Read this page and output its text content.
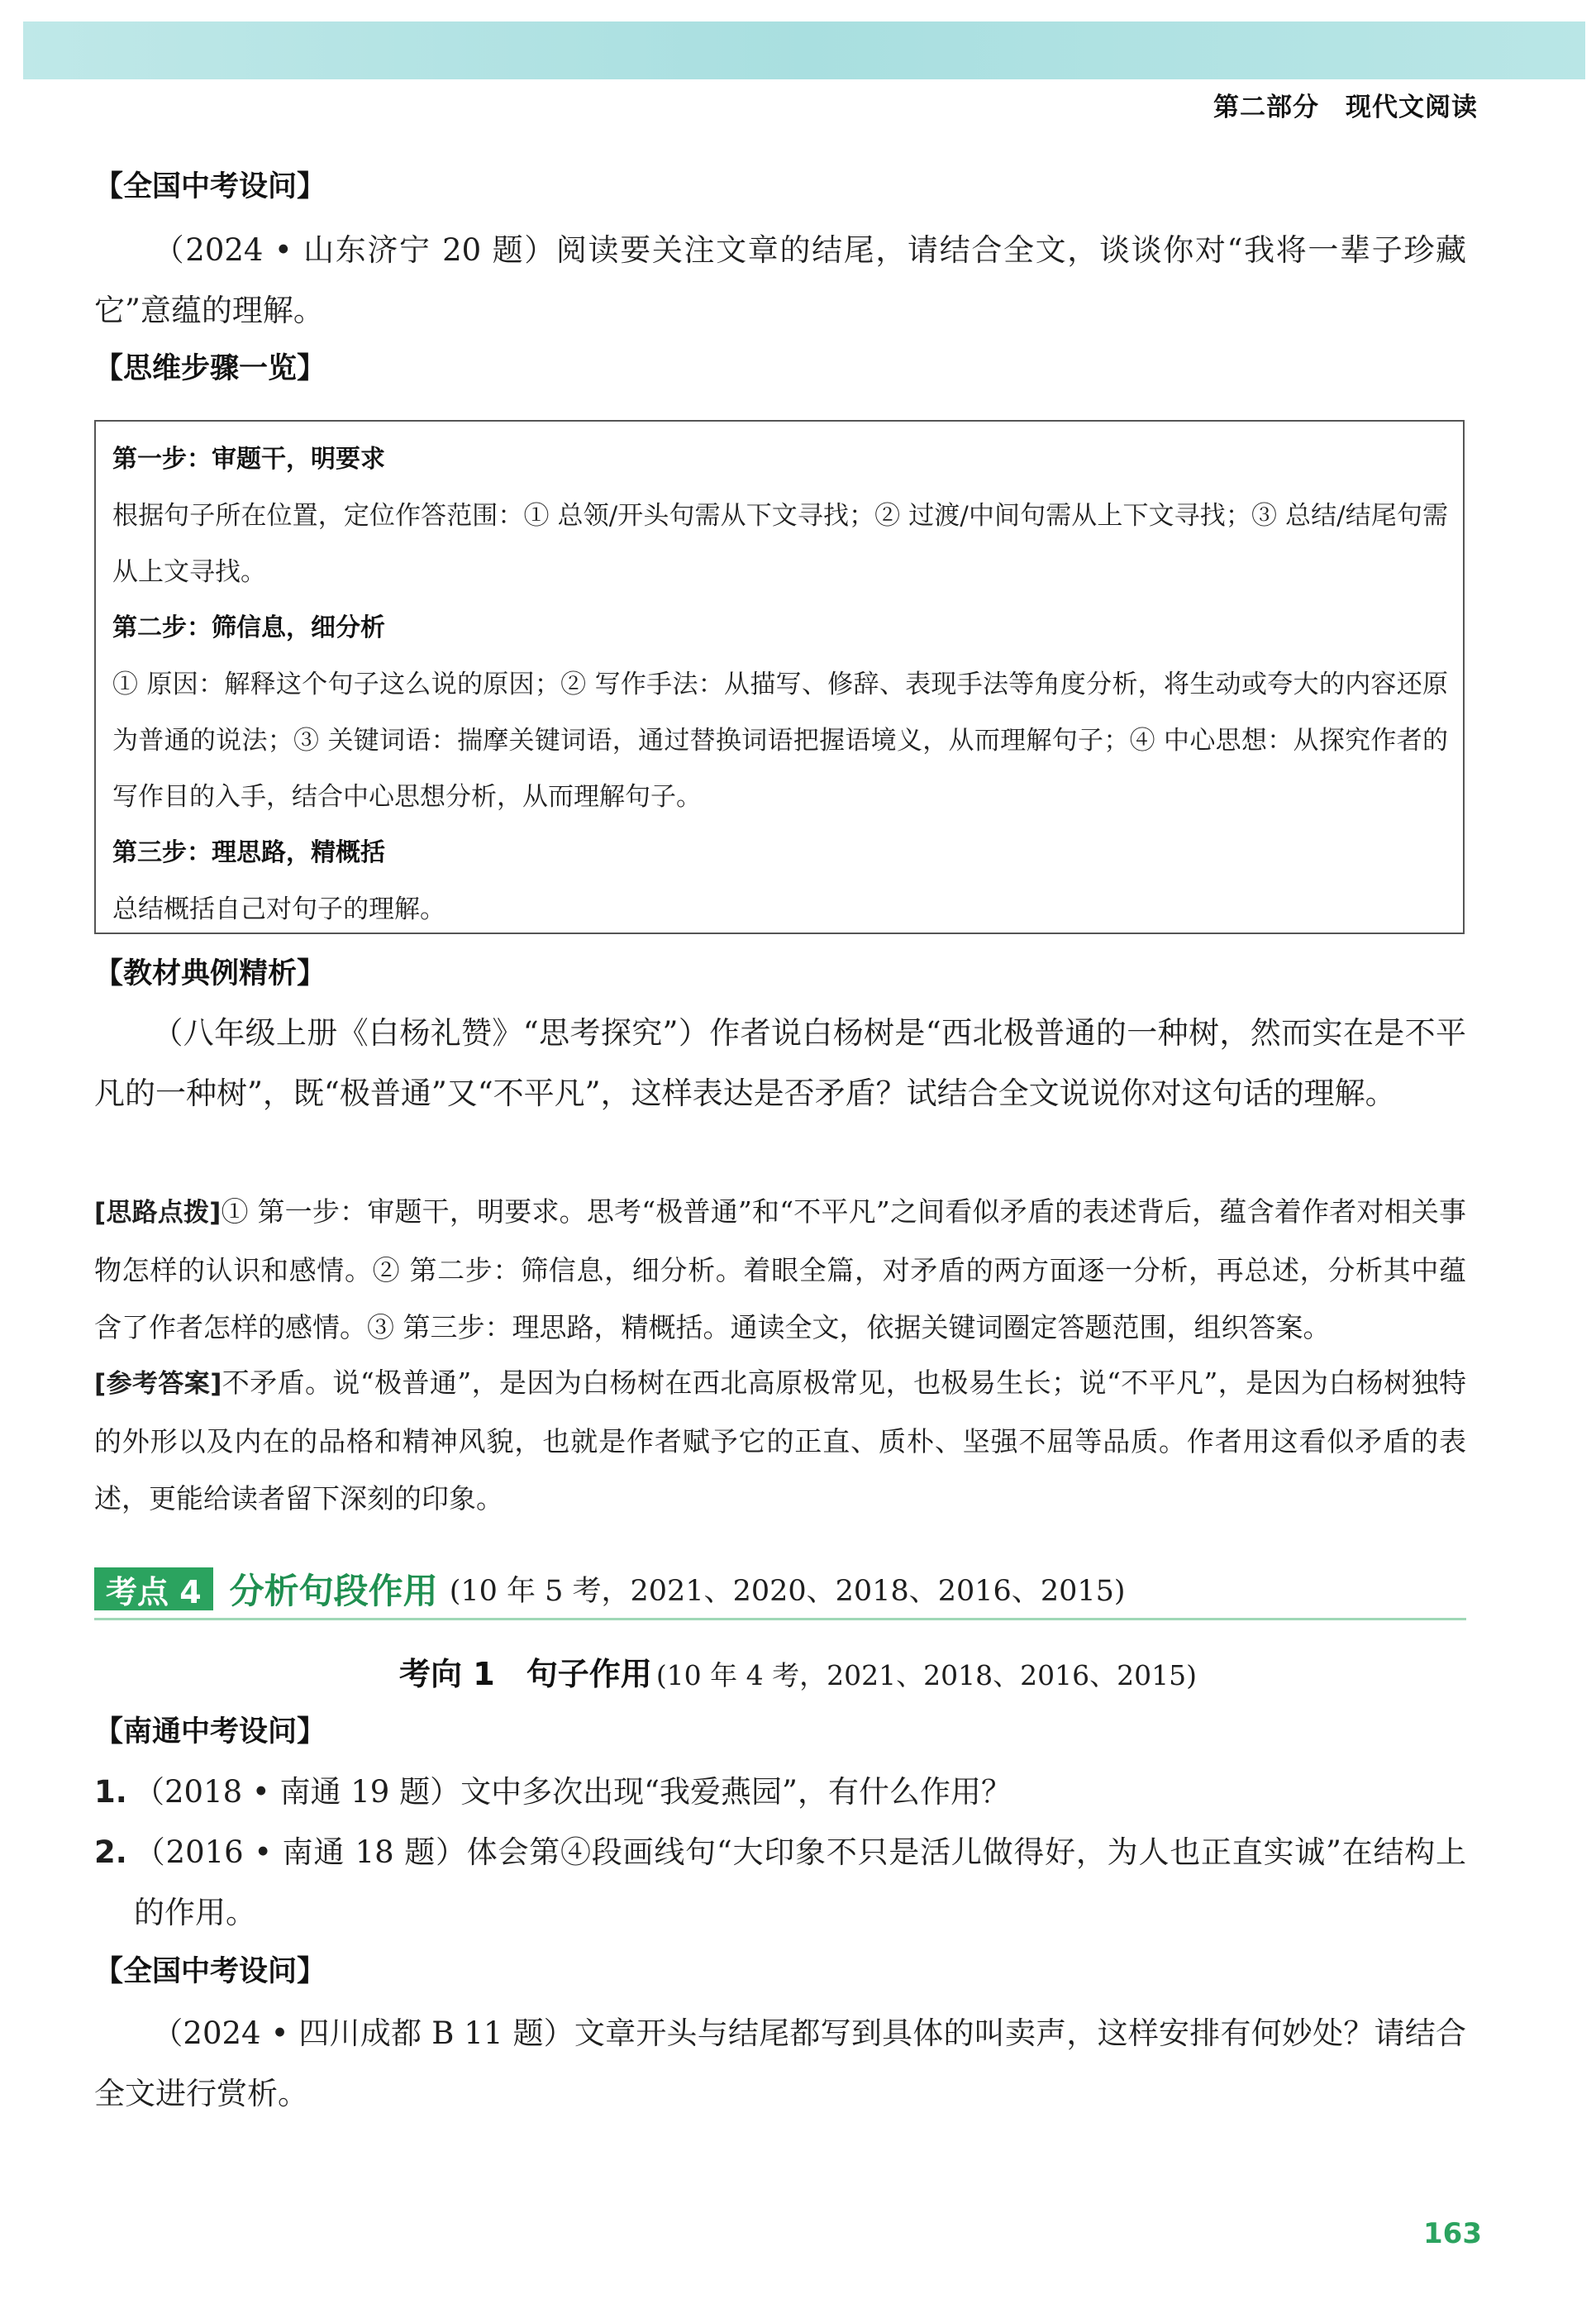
第二部分 现代文阅读
【全国中考设问】
（2024 • 山东济宁 20 题）阅读要关注文章的结尾，请结合全文，谈谈你对“我将一辈子珍藏它”意蕴的理解。
【思维步骤一览】
第一步：审题干，明要求
根据句子所在位置，定位作答范围：① 总领/开头句需从下文寻找；② 过渡/中间句需从上下文寻找；③ 总结/结尾句需从上文寻找。
第二步：筛信息，细分析
① 原因：解释这个句子这么说的原因；② 写作手法：从描写、修辞、表现手法等角度分析，将生动或夸大的内容还原为普通的说法；③ 关键词语：揣摩关键词语，通过替换词语把握语境义，从而理解句子；④ 中心思想：从探究作者的写作目的入手，结合中心思想分析，从而理解句子。
第三步：理思路，精概括
总结概括自己对句子的理解。
【教材典例精析】
（八年级上册《白杨礼赞》“思考探究”）作者说白杨树是“西北极普通的一种树，然而实在是不平凡的一种树”，既“极普通”又“不平凡”，这样表达是否矛盾？试结合全文说说你对这句话的理解。
[思路点拨]① 第一步：审题干，明要求。思考“极普通”和“不平凡”之间看似矛盾的表述背后，蕴含着作者对相关事物怎样的认识和感情。② 第二步：筛信息，细分析。着眼全篇，对矛盾的两方面逐一分析，再总述，分析其中蕴含了作者怎样的感情。③ 第三步：理思路，精概括。通读全文，依据关键词圈定答题范围，组织答案。
[参考答案]不矛盾。说“极普通”，是因为白杨树在西北高原极常见，也极易生长；说“不平凡”，是因为白杨树独特的外形以及内在的品格和精神风貌，也就是作者赋予它的正直、质朴、坚强不屈等品质。作者用这看似矛盾的表述，更能给读者留下深刻的印象。
考点 4 分析句段作用 (10 年 5 考，2021、2020、2018、2016、2015)
考向 1　句子作用 (10 年 4 考，2021、2018、2016、2015)
【南通中考设问】
1. （2018 • 南通 19 题）文中多次出现“我爱燕园”，有什么作用？
2. （2016 • 南通 18 题）体会第④段画线句“大印象不只是活儿做得好，为人也正直实诚”在结构上的作用。
【全国中考设问】
（2024 • 四川成都 B 11 题）文章开头与结尾都写到具体的叫卖声，这样安排有何妙处？请结合全文进行赏析。
163
